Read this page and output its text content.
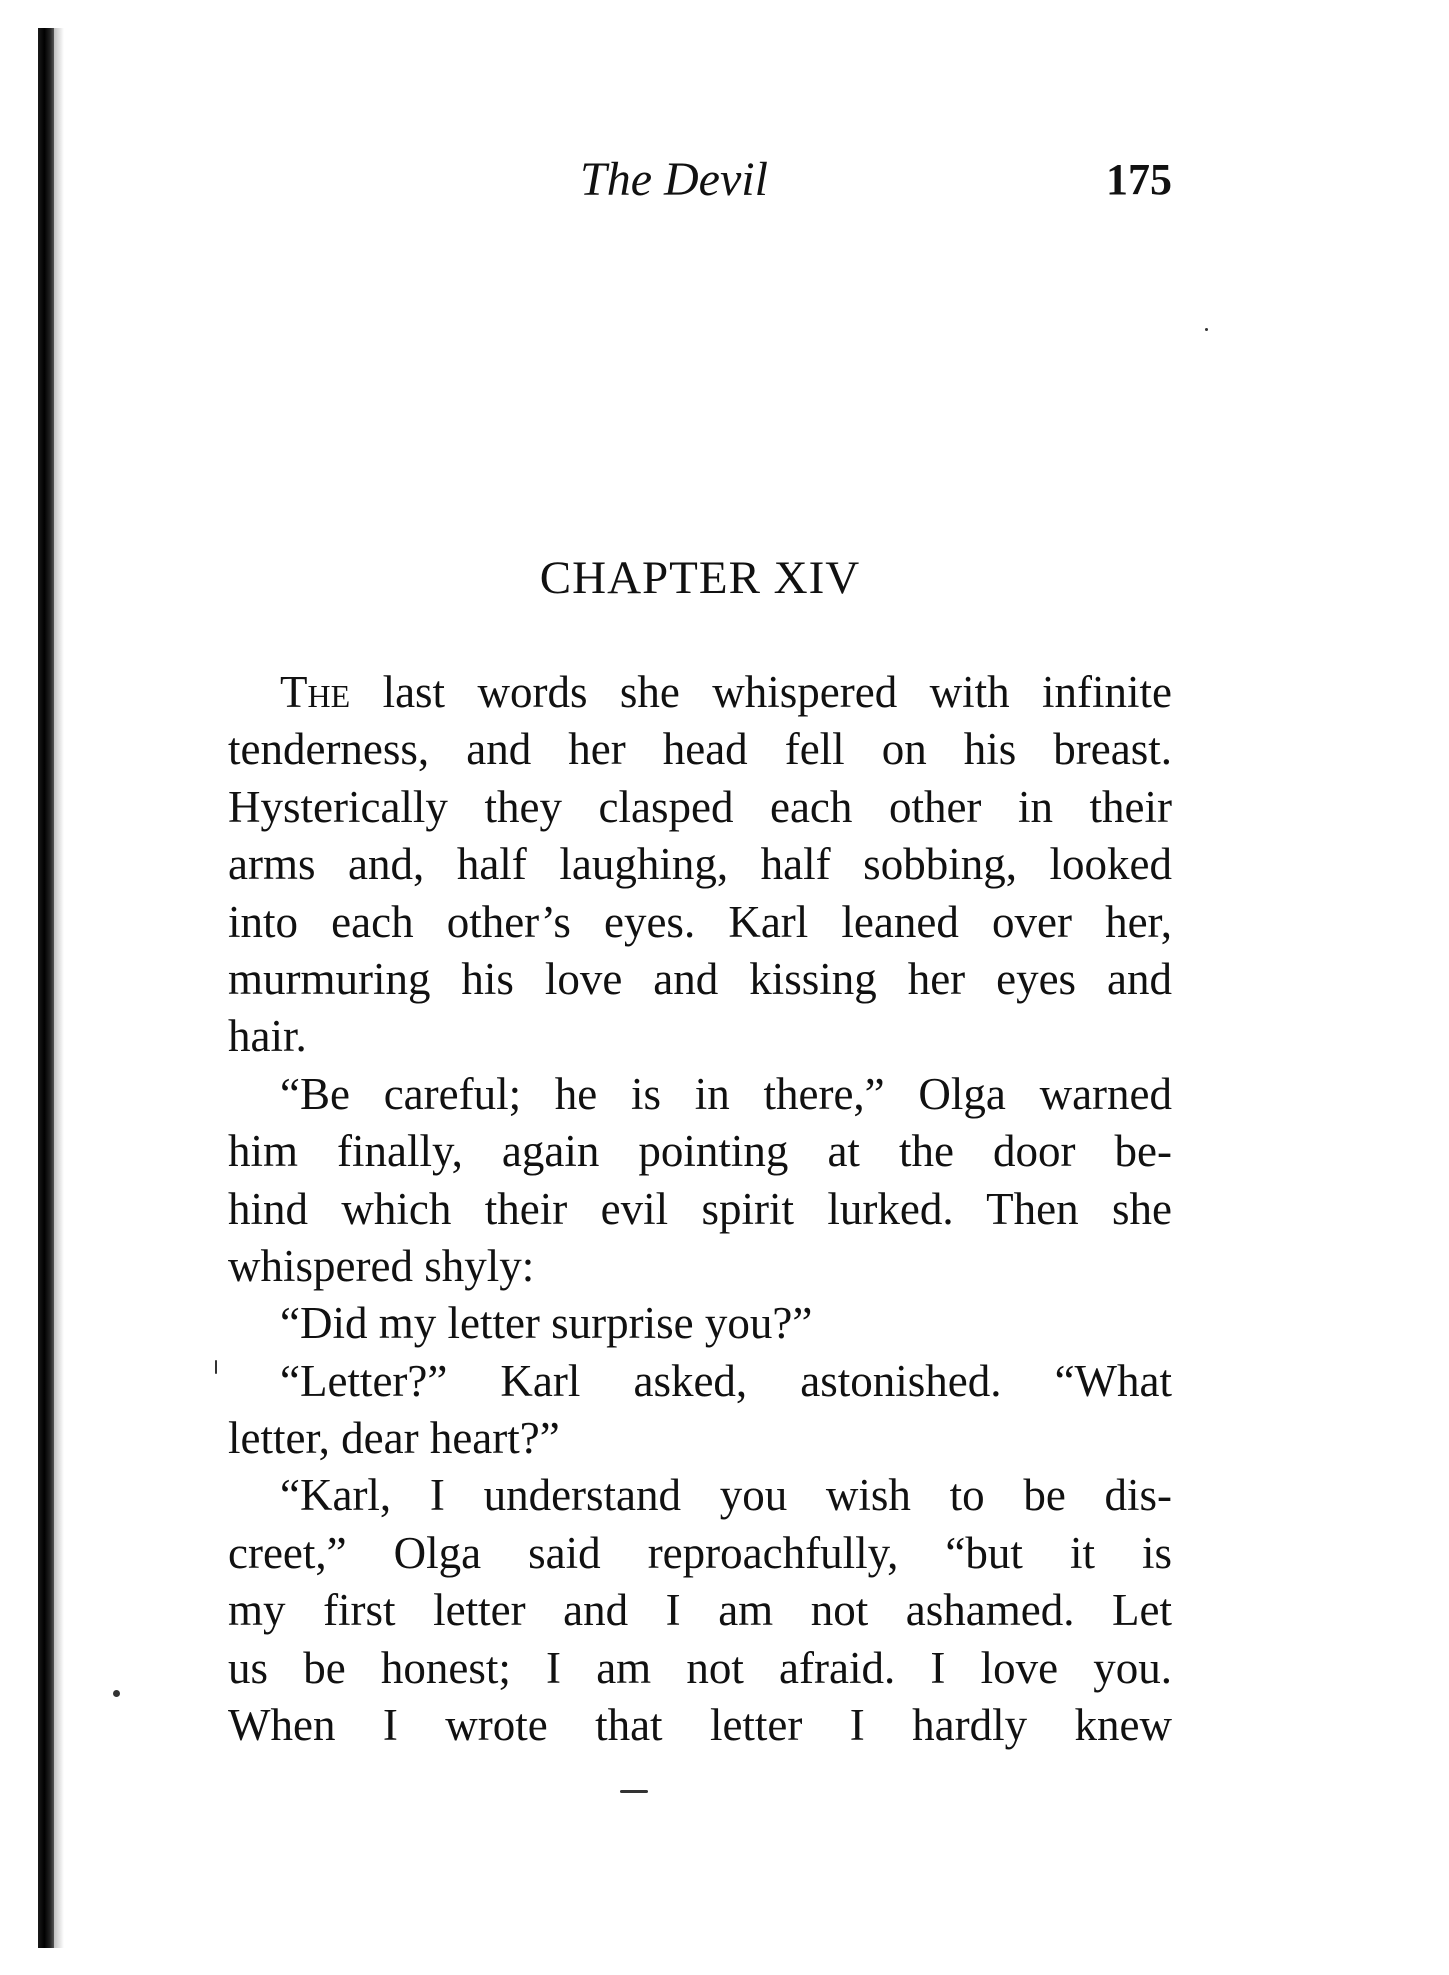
The Devil	175
CHAPTER XIV
The last words she whispered with infinite
tenderness, and her head fell on his breast.
Hysterically they clasped each other in their
arms and, half laughing, half sobbing, looked
into each other’s eyes. Karl leaned over her,
murmuring his love and kissing her eyes and
hair.
“Be careful; he is in there,” Olga warned
him finally, again pointing at the door be-
hind which their evil spirit lurked. Then she
whispered shyly:
“Did my letter surprise you?”
“Letter?” Karl asked, astonished. “What
letter, dear heart?”
“Karl, I understand you wish to be dis-
creet,” Olga said reproachfully, “but it is
my first letter and I am not ashamed. Let
us be honest; I am not afraid. I love you.
When I wrote that letter I hardly knew
